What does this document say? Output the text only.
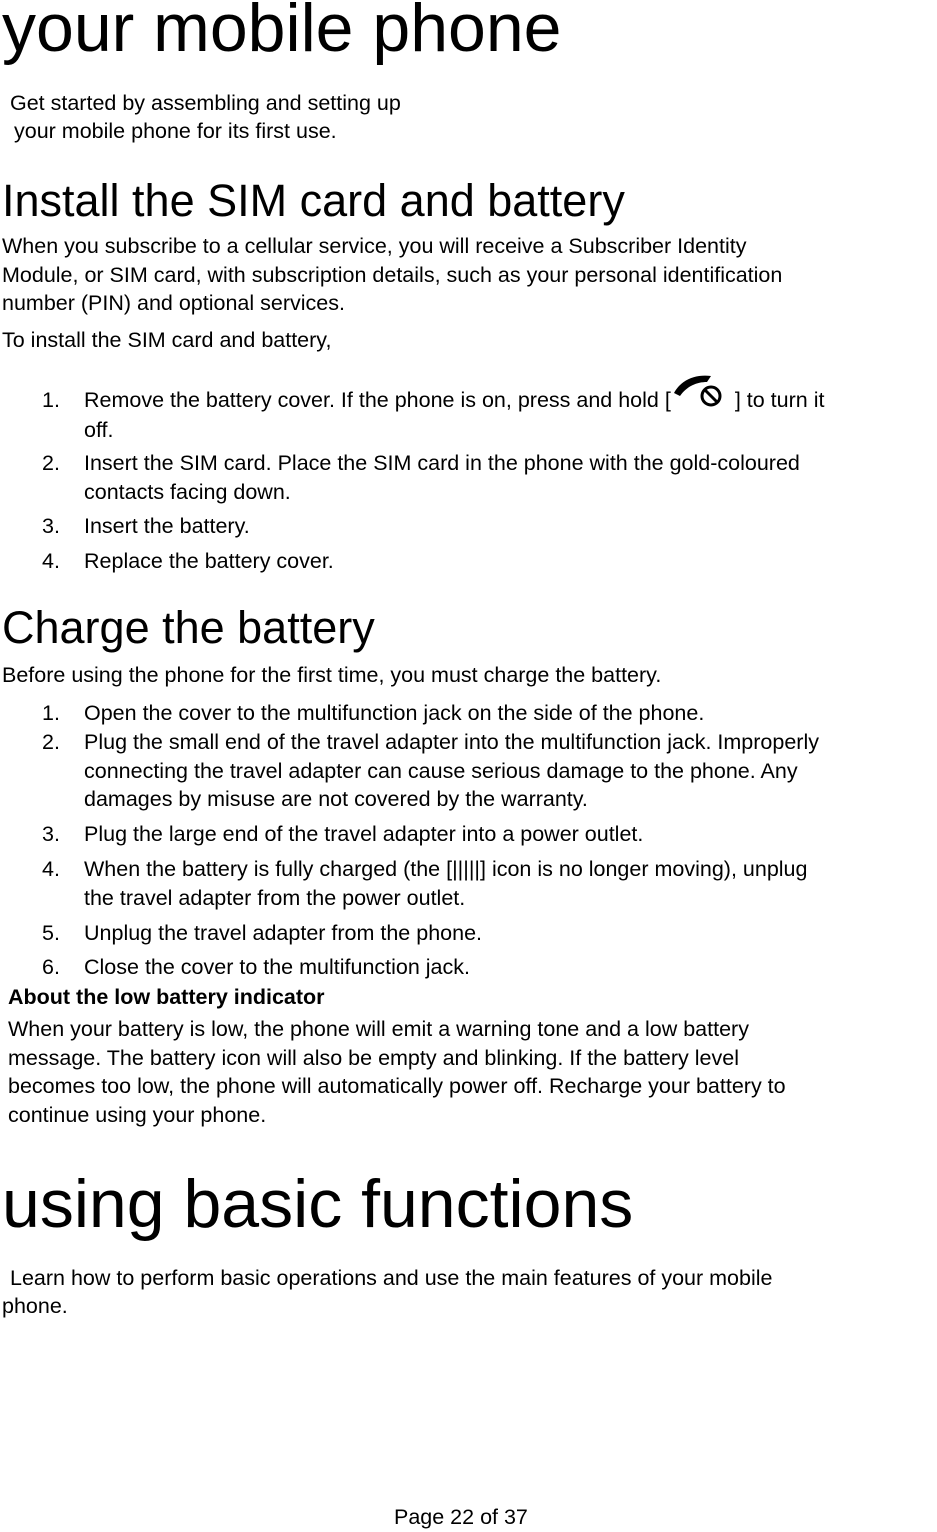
your mobile phone
Get started by assembling and setting up
your mobile phone for its first use.
Install the SIM card and battery
When you subscribe to a cellular service, you will receive a Subscriber Identity
Module, or SIM card, with subscription details, such as your personal identification
number (PIN) and optional services.
To install the SIM card and battery,
1. Remove the battery cover. If the phone is on, press and hold [	] to turn it
off.
2. Insert the SIM card. Place the SIM card in the phone with the gold-coloured
contacts facing down.
3. Insert the battery.
4. Replace the battery cover.
Charge the battery
Before using the phone for the first time, you must charge the battery.
1. Open the cover to the multifunction jack on the side of the phone.
2. Plug the small end of the travel adapter into the multifunction jack. Improperly
connecting the travel adapter can cause serious damage to the phone. Any
damages by misuse are not covered by the warranty.
3. Plug the large end of the travel adapter into a power outlet.
4. When the battery is fully charged (the [|||||] icon is no longer moving), unplug
the travel adapter from the power outlet.
5. Unplug the travel adapter from the phone.
6. Close the cover to the multifunction jack.
About the low battery indicator
When your battery is low, the phone will emit a warning tone and a low battery
message. The battery icon will also be empty and blinking. If the battery level
becomes too low, the phone will automatically power off. Recharge your battery to
continue using your phone.
using basic functions
Learn how to perform basic operations and use the main features of your mobile
phone.
Page 22 of 37
